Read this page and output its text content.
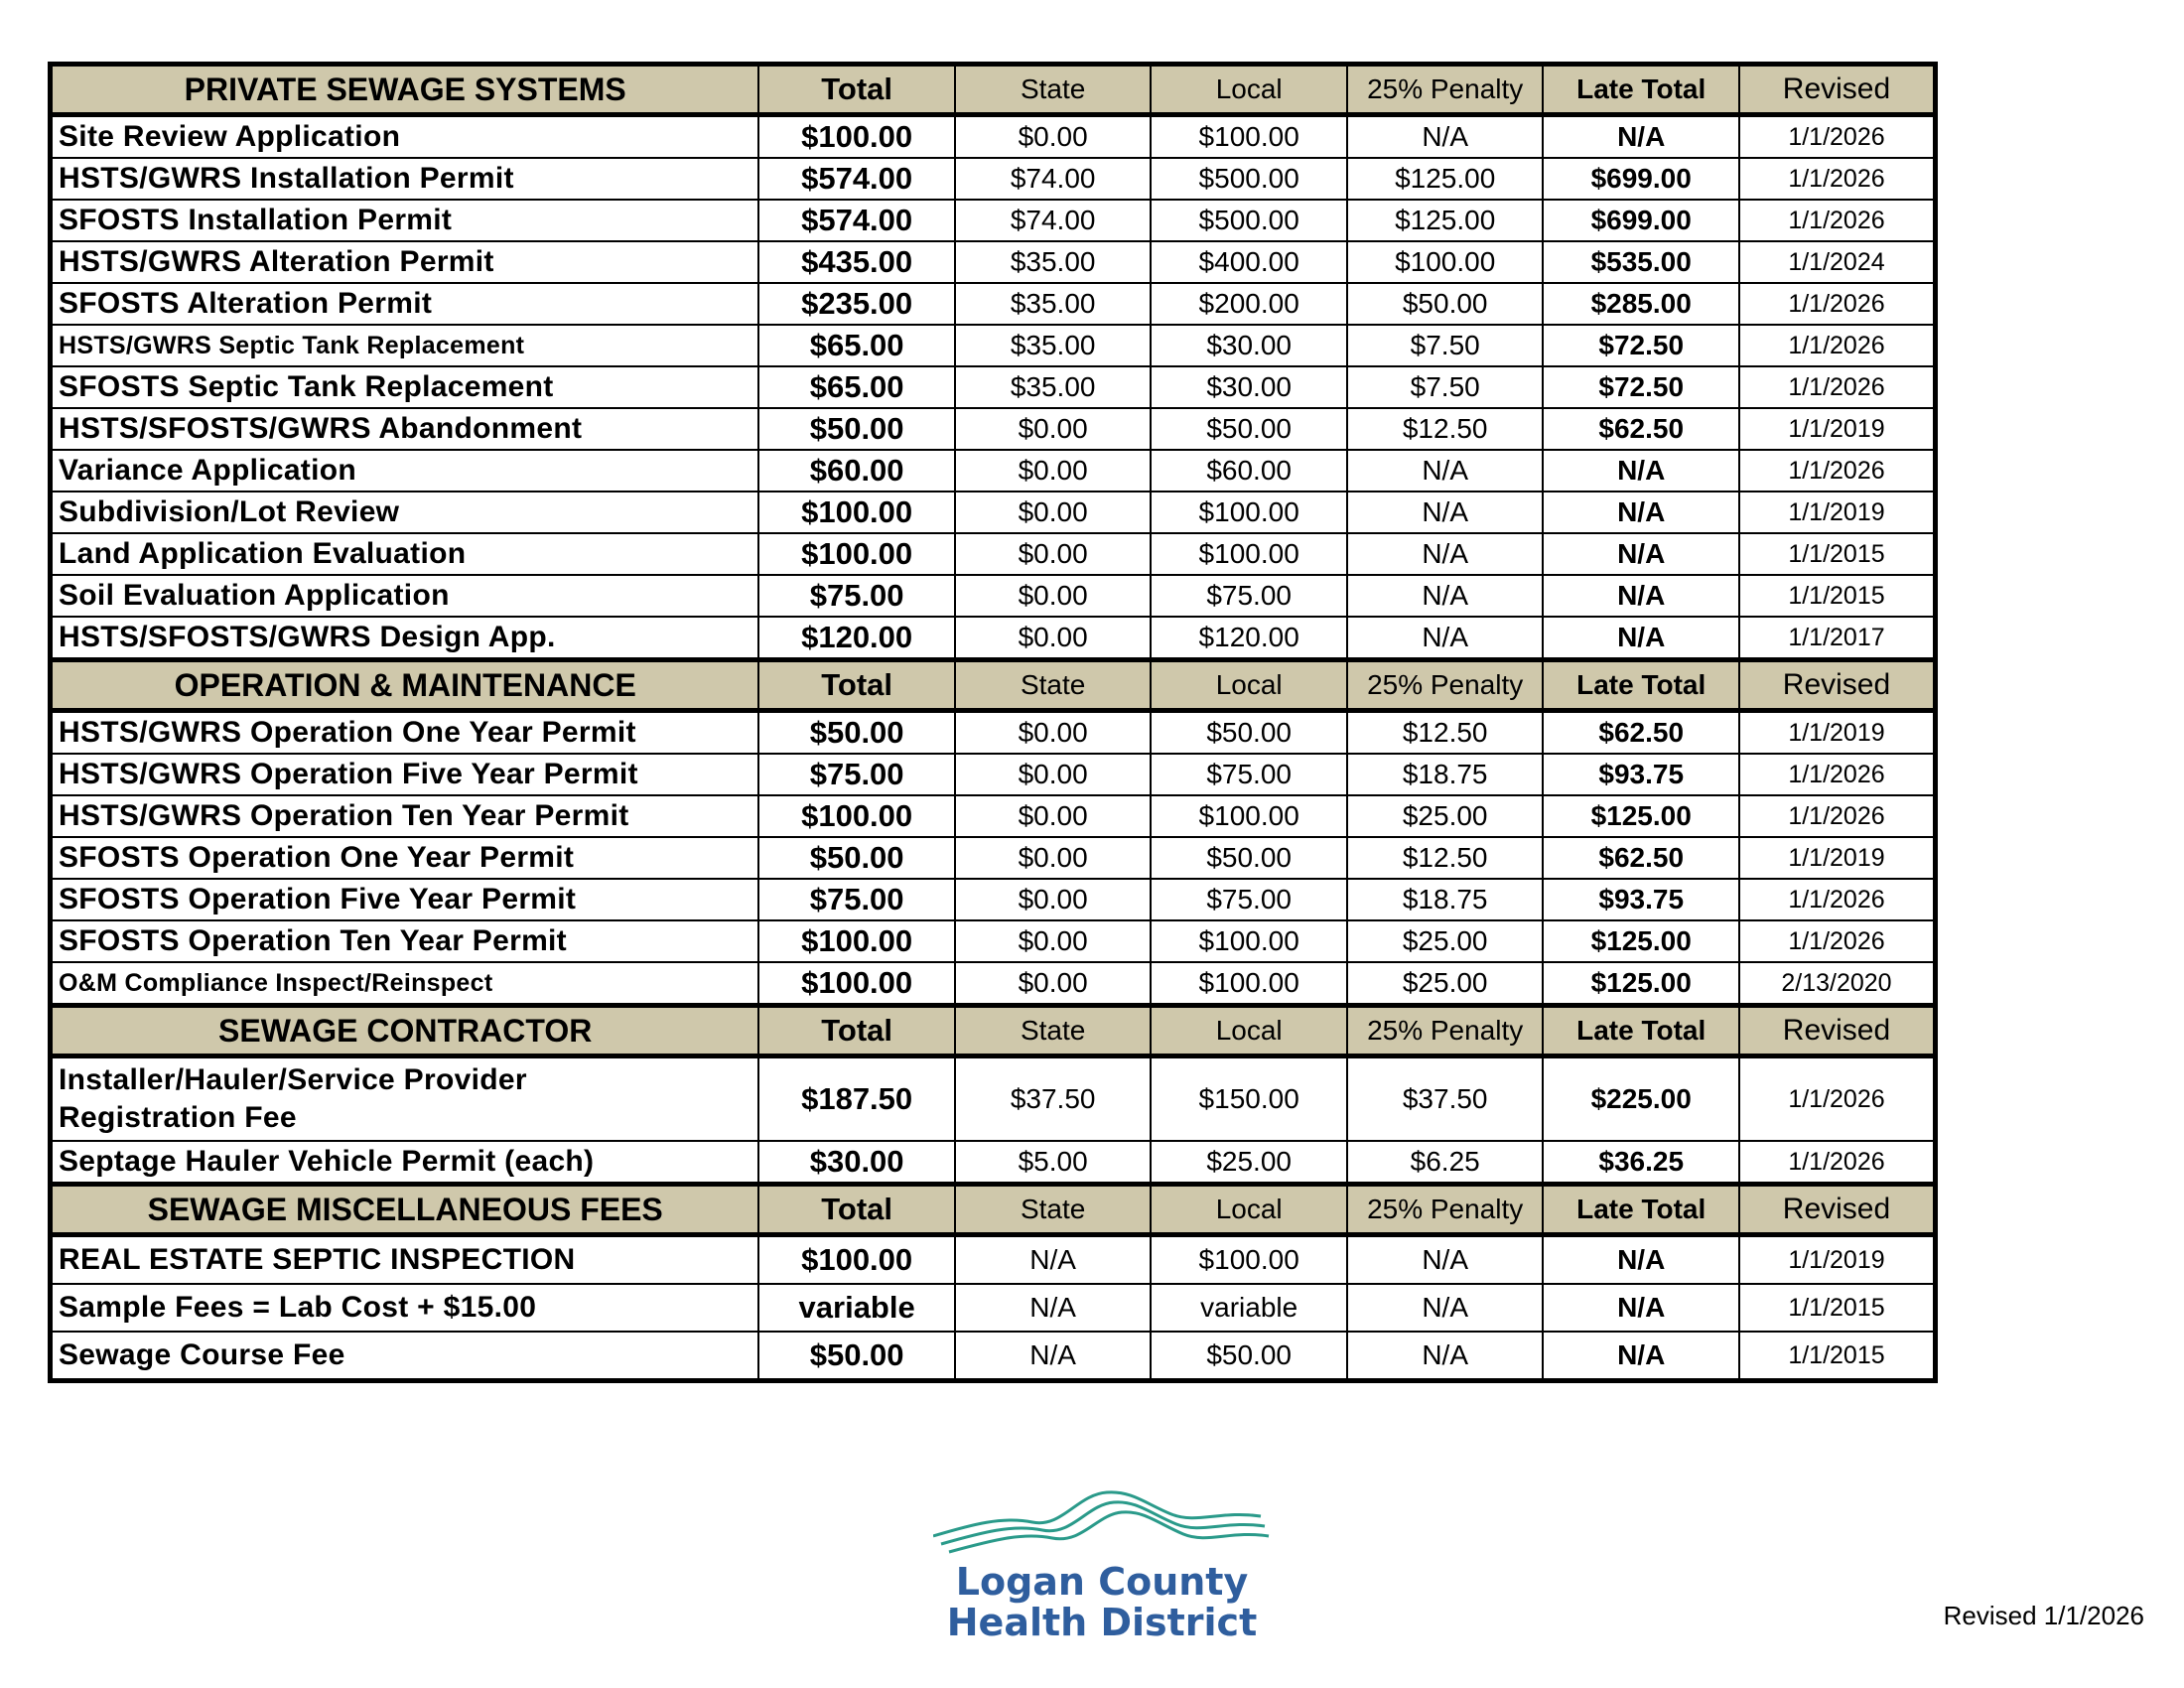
PRIVATE SEWAGE SYSTEMS	Total	State	Local	25% Penalty	Late Total	Revised
Site Review Application	$100.00	$0.00	$100.00	N/A	N/A	1/1/2026
HSTS/GWRS Installation Permit	$574.00	$74.00	$500.00	$125.00	$699.00	1/1/2026
SFOSTS Installation Permit	$574.00	$74.00	$500.00	$125.00	$699.00	1/1/2026
HSTS/GWRS Alteration Permit	$435.00	$35.00	$400.00	$100.00	$535.00	1/1/2024
SFOSTS Alteration Permit	$235.00	$35.00	$200.00	$50.00	$285.00	1/1/2026
HSTS/GWRS Septic Tank Replacement	$65.00	$35.00	$30.00	$7.50	$72.50	1/1/2026
SFOSTS Septic Tank Replacement	$65.00	$35.00	$30.00	$7.50	$72.50	1/1/2026
HSTS/SFOSTS/GWRS Abandonment	$50.00	$0.00	$50.00	$12.50	$62.50	1/1/2019
Variance Application	$60.00	$0.00	$60.00	N/A	N/A	1/1/2026
Subdivision/Lot Review	$100.00	$0.00	$100.00	N/A	N/A	1/1/2019
Land Application Evaluation	$100.00	$0.00	$100.00	N/A	N/A	1/1/2015
Soil Evaluation Application	$75.00	$0.00	$75.00	N/A	N/A	1/1/2015
HSTS/SFOSTS/GWRS Design App.	$120.00	$0.00	$120.00	N/A	N/A	1/1/2017
OPERATION & MAINTENANCE	Total	State	Local	25% Penalty	Late Total	Revised
HSTS/GWRS Operation One Year Permit	$50.00	$0.00	$50.00	$12.50	$62.50	1/1/2019
HSTS/GWRS Operation Five Year Permit	$75.00	$0.00	$75.00	$18.75	$93.75	1/1/2026
HSTS/GWRS Operation Ten Year Permit	$100.00	$0.00	$100.00	$25.00	$125.00	1/1/2026
SFOSTS Operation One Year Permit	$50.00	$0.00	$50.00	$12.50	$62.50	1/1/2019
SFOSTS Operation Five Year Permit	$75.00	$0.00	$75.00	$18.75	$93.75	1/1/2026
SFOSTS Operation Ten Year Permit	$100.00	$0.00	$100.00	$25.00	$125.00	1/1/2026
O&M Compliance Inspect/Reinspect	$100.00	$0.00	$100.00	$25.00	$125.00	2/13/2020
SEWAGE CONTRACTOR	Total	State	Local	25% Penalty	Late Total	Revised

Installer/Hauler/Service Provider
Registration Fee	$187.50	$37.50	$150.00	$37.50	$225.00	1/1/2026
Septage Hauler Vehicle Permit (each)	$30.00	$5.00	$25.00	$6.25	$36.25	1/1/2026
SEWAGE MISCELLANEOUS FEES	Total	State	Local	25% Penalty	Late Total	Revised
REAL ESTATE SEPTIC INSPECTION	$100.00	N/A	$100.00	N/A	N/A	1/1/2019
Sample Fees = Lab Cost + $15.00	variable	N/A	variable	N/A	N/A	1/1/2015
Sewage Course Fee	$50.00	N/A	$50.00	N/A	N/A	1/1/2015
Logan County
Health District	Revised 1/1/2026
